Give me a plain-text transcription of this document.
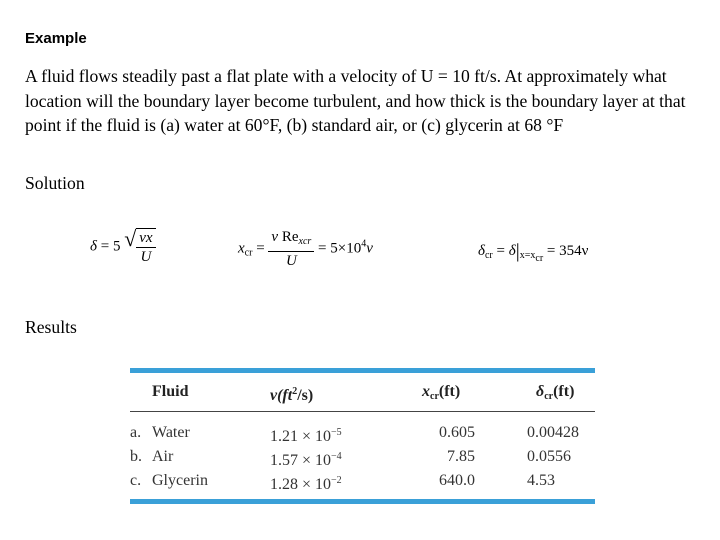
Example
A fluid flows steadily past a flat plate with a velocity of U = 10 ft/s. At approximately what location will the boundary layer become turbulent, and how thick is the boundary layer at that point if the fluid is (a) water at 60°F, (b) standard air, or (c) glycerin at 68 °F
Solution
δ = 5 √ $\frac{\nu x}{U}$	$x_{cr} = \frac{\nu Re_{xcr}}{U} = 5\times 10^4\nu$	$\delta_{cr} = \delta|_{x=x_{cr}} = 354\nu$
Results
Fluid	$\nu(ft^2/s)$	$x_{cr}(ft)$	$\delta_{cr}(ft)$
a. Water	$1.21 \times 10^{-5}$	0.605	0.00428
b. Air	$1.57 \times 10^{-4}$	7.85	0.0556
c. Glycerin	$1.28 \times 10^{-2}$	640.0	4.53
